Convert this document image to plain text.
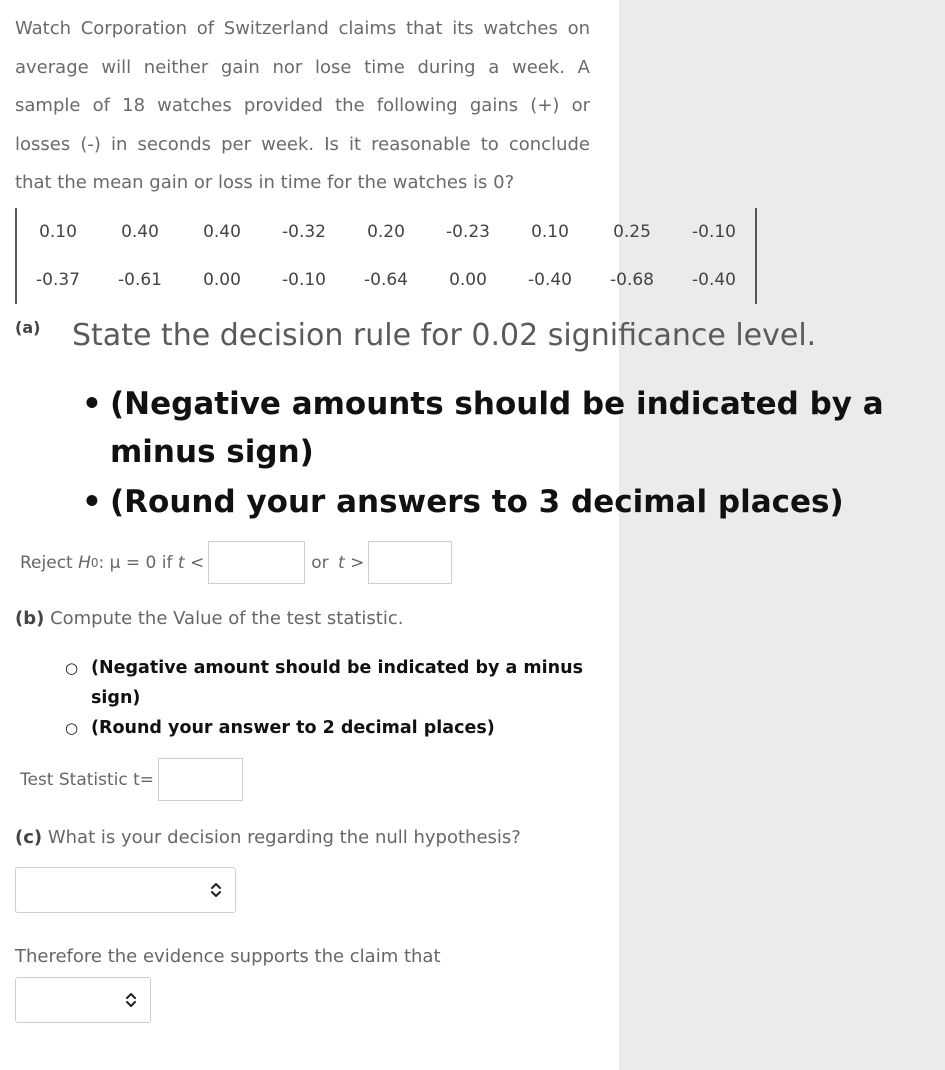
Watch Corporation of Switzerland claims that its watches on
average will neither gain nor lose time during a week. A
sample of 18 watches provided the following gains (+) or
losses (-) in seconds per week. Is it reasonable to conclude
that the mean gain or loss in time for the watches is 0?
0.10	0.40	0.40	-0.32	0.20	-0.23	0.10	0.25	-0.10
-0.37	-0.61	0.00	-0.10	-0.64	0.00	-0.40	-0.68	-0.40
(a) State the decision rule for 0.02 significance level.
• (Negative amounts should be indicated by a minus sign)
• (Round your answers to 3 decimal places)
Reject H 0 : μ = 0 if t <	or t >
(b) Compute the Value of the test statistic.
○ (Negative amount should be indicated by a minus sign)
○ (Round your answer to 2 decimal places)
Test Statistic t=
(c) What is your decision regarding the null hypothesis?
Therefore the evidence supports the claim that
